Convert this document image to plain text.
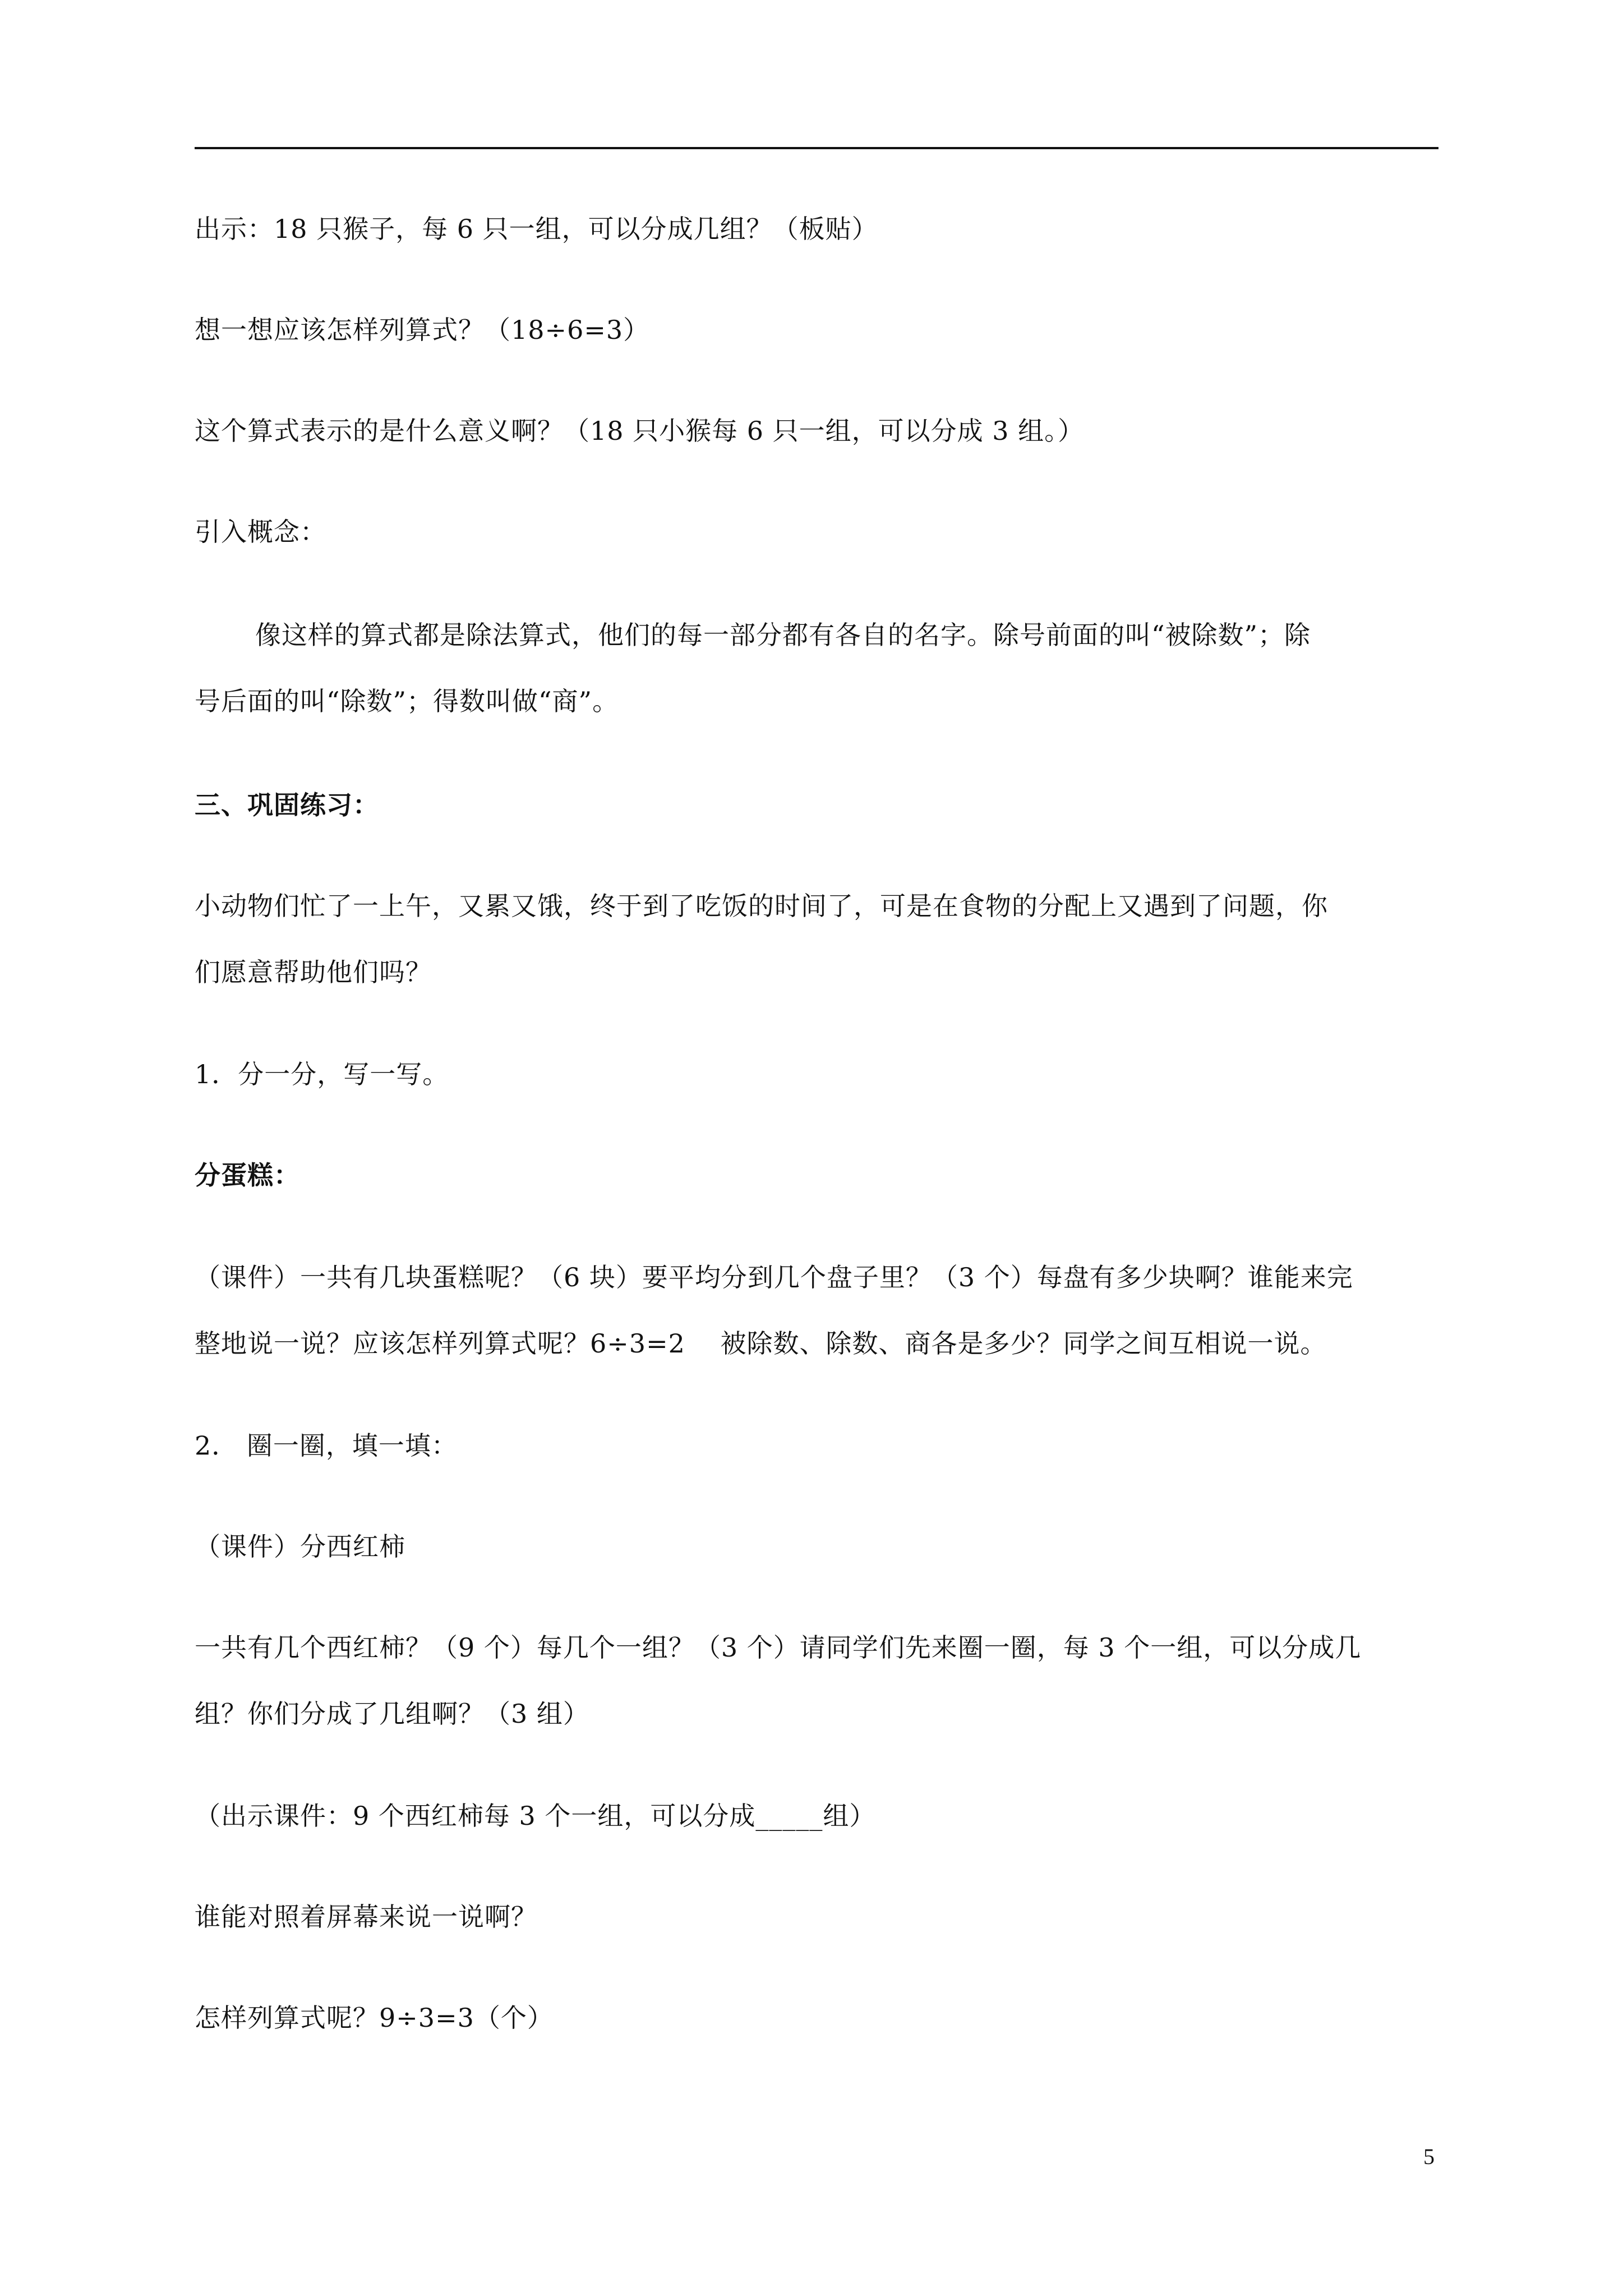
出示：18 只猴子，每 6 只一组，可以分成几组？（板贴）
想一想应该怎样列算式？（18÷6=3）
这个算式表示的是什么意义啊？（18 只小猴每 6 只一组，可以分成 3 组。）
引入概念：
像这样的算式都是除法算式，他们的每一部分都有各自的名字。除号前面的叫“被除数”；除
号后面的叫“除数”；得数叫做“商”。
三、巩固练习：
小动物们忙了一上午，又累又饿，终于到了吃饭的时间了，可是在食物的分配上又遇到了问题，你
们愿意帮助他们吗？
1．分一分，写一写。
分蛋糕：
（课件）一共有几块蛋糕呢？（6 块）要平均分到几个盘子里？（3 个）每盘有多少块啊？谁能来完
整地说一说？应该怎样列算式呢？6÷3=2　 被除数、除数、商各是多少？同学之间互相说一说。
2． 圈一圈，填一填：
（课件）分西红柿
一共有几个西红柿？（9 个）每几个一组？（3 个）请同学们先来圈一圈，每 3 个一组，可以分成几
组？你们分成了几组啊？（3 组）
（出示课件：9 个西红柿每 3 个一组，可以分成_____组）
谁能对照着屏幕来说一说啊？
怎样列算式呢？9÷3=3（个）
5
